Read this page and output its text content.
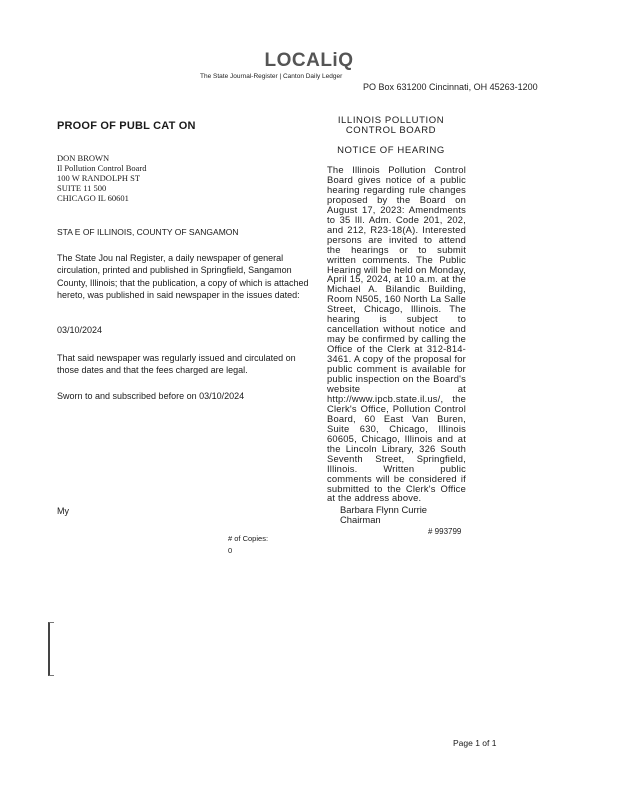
LOCALiQ
The State Journal-Register | Canton Daily Ledger
PO Box 631200 Cincinnati, OH 45263-1200
PROOF OF PUBL CAT ON
DON BROWN
Il Pollution Control Board
100 W RANDOLPH ST
SUITE 11 500
CHICAGO IL 60601
STA E OF ILLINOIS, COUNTY OF SANGAMON
The State Jou nal Register, a daily newspaper of general circulation, printed and published in Springfield, Sangamon County, Illinois; that the publication, a copy of which is attached hereto, was published in said newspaper in the issues dated:
03/10/2024
That said newspaper was regularly issued and circulated on those dates and that the fees charged are legal.
Sworn to and subscribed before on 03/10/2024
My
# of Copies:
0
ILLINOIS POLLUTION CONTROL BOARD
NOTICE OF HEARING
The Illinois Pollution Control Board gives notice of a public hearing regarding rule changes proposed by the Board on August 17, 2023: Amendments to 35 Ill. Adm. Code 201, 202, and 212, R23-18(A). Interested persons are invited to attend the hearings or to submit written comments. The Public Hearing will be held on Monday, April 15, 2024, at 10 a.m. at the Michael A. Bilandic Building, Room N505, 160 North La Salle Street, Chicago, Illinois. The hearing is subject to cancellation without notice and may be confirmed by calling the Office of the Clerk at 312-814-3461. A copy of the proposal for public comment is available for public inspection on the Board's website at http://www.ipcb.state.il.us/, the Clerk's Office, Pollution Control Board, 60 East Van Buren, Suite 630, Chicago, Illinois 60605, Chicago, Illinois and at the Lincoln Library, 326 South Seventh Street, Springfield, Illinois. Written public comments will be considered if submitted to the Clerk's Office at the address above.
Barbara Flynn Currie
Chairman
# 993799
Page 1 of 1
